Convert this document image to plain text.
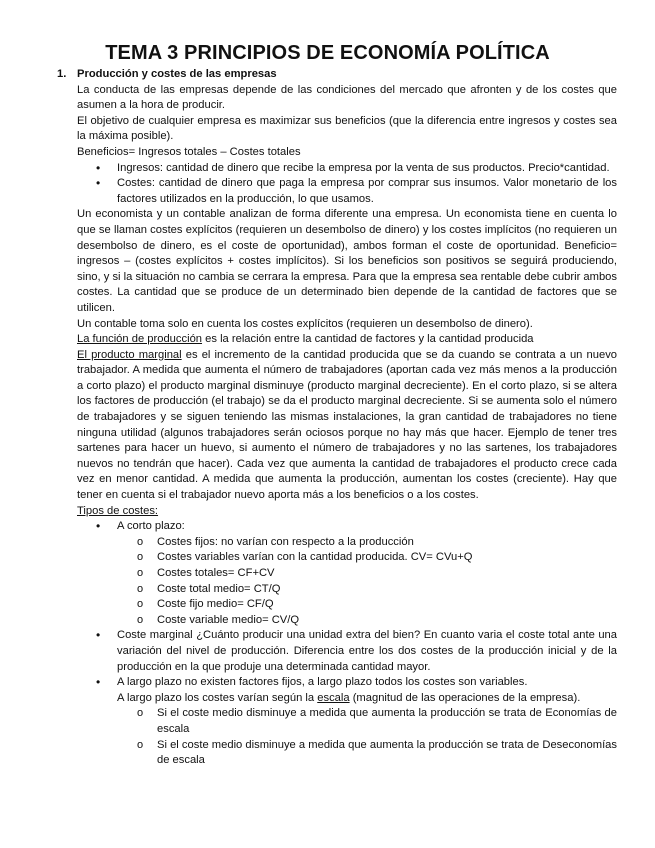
TEMA 3 PRINCIPIOS DE ECONOMÍA POLÍTICA
1. Producción y costes de las empresas

La conducta de las empresas depende de las condiciones del mercado que afronten y de los costes que asumen a la hora de producir.

El objetivo de cualquier empresa es maximizar sus beneficios (que la diferencia entre ingresos y costes sea la máxima posible).

Beneficios= Ingresos totales – Costes totales

• Ingresos: cantidad de dinero que recibe la empresa por la venta de sus productos. Precio*cantidad.
• Costes: cantidad de dinero que paga la empresa por comprar sus insumos. Valor monetario de los factores utilizados en la producción, lo que usamos.

Un economista y un contable analizan de forma diferente una empresa. Un economista tiene en cuenta lo que se llaman costes explícitos (requieren un desembolso de dinero) y los costes implícitos (no requieren un desembolso de dinero, es el coste de oportunidad), ambos forman el coste de oportunidad. Beneficio= ingresos – (costes explícitos + costes implícitos). Si los beneficios son positivos se seguirá produciendo, sino, y si la situación no cambia se cerrara la empresa. Para que la empresa sea rentable debe cubrir ambos costes. La cantidad que se produce de un determinado bien depende de la cantidad de factores que se utilicen.

Un contable toma solo en cuenta los costes explícitos (requieren un desembolso de dinero).

La función de producción es la relación entre la cantidad de factores y la cantidad producida

El producto marginal es el incremento de la cantidad producida que se da cuando se contrata a un nuevo trabajador. A medida que aumenta el número de trabajadores (aportan cada vez más menos a la producción a corto plazo) el producto marginal disminuye (producto marginal decreciente). En el corto plazo, si se altera los factores de producción (el trabajo) se da el producto marginal decreciente. Si se aumenta solo el número de trabajadores y se siguen teniendo las mismas instalaciones, la gran cantidad de trabajadores no tiene ninguna utilidad (algunos trabajadores serán ociosos porque no hay más que hacer. Ejemplo de tener tres sartenes para hacer un huevo, si aumento el número de trabajadores y no las sartenes, los trabajadores nuevos no tendrán que hacer). Cada vez que aumenta la cantidad de trabajadores el producto crece cada vez en menor cantidad. A medida que aumenta la producción, aumentan los costes (creciente). Hay que tener en cuenta si el trabajador nuevo aporta más a los beneficios o a los costes.

Tipos de costes:

• A corto plazo:
o Costes fijos: no varían con respecto a la producción
o Costes variables varían con la cantidad producida. CV= CVu+Q
o Costes totales= CF+CV
o Coste total medio= CT/Q
o Coste fijo medio= CF/Q
o Coste variable medio= CV/Q
• Coste marginal ¿Cuánto producir una unidad extra del bien? En cuanto varia el coste total ante una variación del nivel de producción. Diferencia entre los dos costes de la producción inicial y de la producción en la que produje una determinada cantidad mayor.
• A largo plazo no existen factores fijos, a largo plazo todos los costes son variables.
A largo plazo los costes varían según la escala (magnitud de las operaciones de la empresa).
o Si el coste medio disminuye a medida que aumenta la producción se trata de Economías de escala
o Si el coste medio disminuye a medida que aumenta la producción se trata de Deseconomías de escala
